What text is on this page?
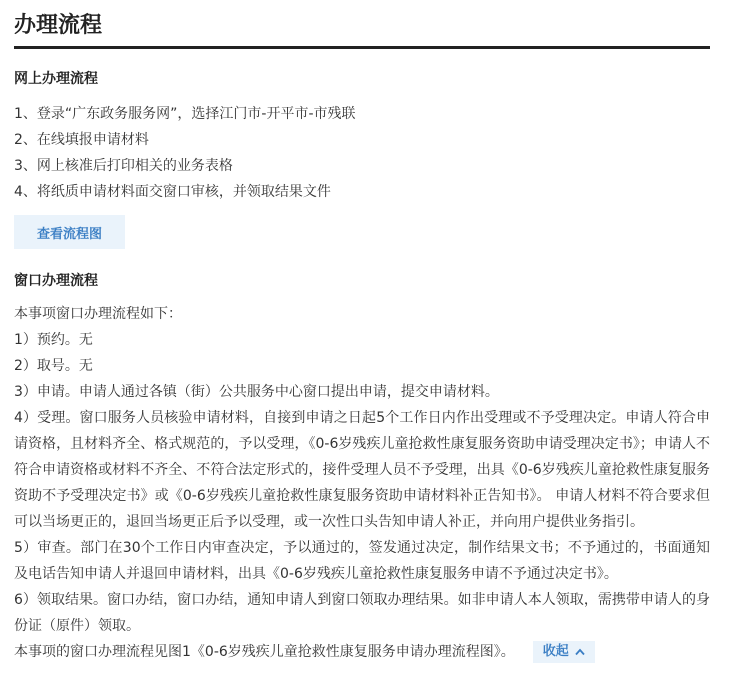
办理流程
网上办理流程
1、登录“广东政务服务网”，选择江门市-开平市-市残联
2、在线填报申请材料
3、网上核准后打印相关的业务表格
4、将纸质申请材料面交窗口审核，并领取结果文件
查看流程图
窗口办理流程
本事项窗口办理流程如下：
1）预约。无
2）取号。无
3）申请。申请人通过各镇（街）公共服务中心窗口提出申请，提交申请材料。
4）受理。窗口服务人员核验申请材料，自接到申请之日起5个工作日内作出受理或不予受理决定。申请人符合申请资格，且材料齐全、格式规范的，予以受理，《0-6岁残疾儿童抢救性康复服务资助申请受理决定书》；申请人不符合申请资格或材料不齐全、不符合法定形式的，接件受理人员不予受理，出具《0-6岁残疾儿童抢救性康复服务资助不予受理决定书》或《0-6岁残疾儿童抢救性康复服务资助申请材料补正告知书》。 申请人材料不符合要求但可以当场更正的，退回当场更正后予以受理，或一次性口头告知申请人补正，并向用户提供业务指引。
5）审查。部门在30个工作日内审查决定，予以通过的，签发通过决定，制作结果文书；不予通过的，书面通知及电话告知申请人并退回申请材料，出具《0-6岁残疾儿童抢救性康复服务申请不予通过决定书》。
6）领取结果。窗口办结，窗口办结，通知申请人到窗口领取办理结果。如非申请人本人领取，需携带申请人的身份证（原件）领取。
本事项的窗口办理流程见图1《0-6岁残疾儿童抢救性康复服务申请办理流程图》。 收起
